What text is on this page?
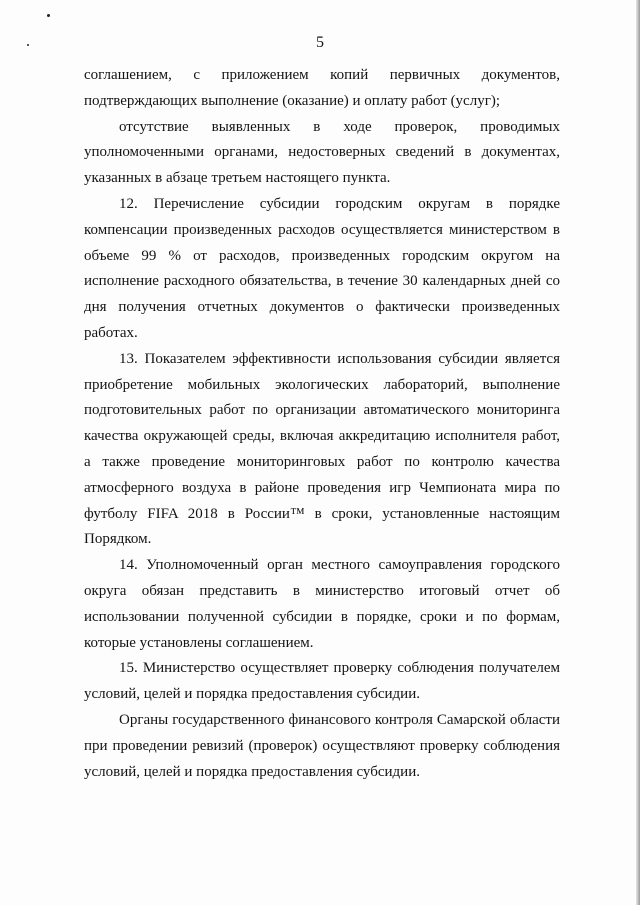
5

соглашением, с приложением копий первичных документов, подтверждающих выполнение (оказание) и оплату работ (услуг);

отсутствие выявленных в ходе проверок, проводимых уполномоченными органами, недостоверных сведений в документах, указанных в абзаце третьем настоящего пункта.

12. Перечисление субсидии городским округам в порядке компенсации произведенных расходов осуществляется министерством в объеме 99 % от расходов, произведенных городским округом на исполнение расходного обязательства, в течение 30 календарных дней со дня получения отчетных документов о фактически произведенных работах.

13. Показателем эффективности использования субсидии является приобретение мобильных экологических лабораторий, выполнение подготовительных работ по организации автоматического мониторинга качества окружающей среды, включая аккредитацию исполнителя работ, а также проведение мониторинговых работ по контролю качества атмосферного воздуха в районе проведения игр Чемпионата мира по футболу FIFA 2018 в России™ в сроки, установленные настоящим Порядком.

14. Уполномоченный орган местного самоуправления городского округа обязан представить в министерство итоговый отчет об использовании полученной субсидии в порядке, сроки и по формам, которые установлены соглашением.

15. Министерство осуществляет проверку соблюдения получателем условий, целей и порядка предоставления субсидии.

Органы государственного финансового контроля Самарской области при проведении ревизий (проверок) осуществляют проверку соблюдения условий, целей и порядка предоставления субсидии.
